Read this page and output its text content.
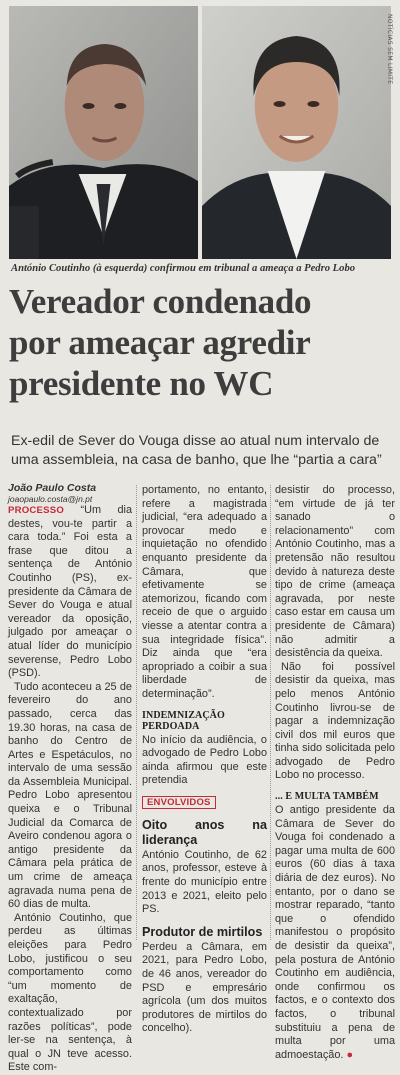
NOTÍCIAS SEM LIMITE
António Coutinho (à esquerda) confirmou em tribunal a ameaça a Pedro Lobo
Vereador condenado
por ameaçar agredir
presidente no WC
Ex-edil de Sever do Vouga disse ao atual num intervalo de uma assembleia, na casa de banho, que lhe “partia a cara”

João Paulo Costa

joaopaulo.costa@jn.pt

PROCESSO “Um dia destes, vou-te partir a cara toda.” Foi esta a frase que ditou a sentença de António Coutinho (PS), ex-presidente da Câmara de Sever do Vouga e atual vereador da oposição, julgado por ameaçar o atual líder do município severense, Pedro Lobo (PSD).

Tudo aconteceu a 25 de fevereiro do ano passado, cerca das 19.30 horas, na casa de banho do Centro de Artes e Espetáculos, no intervalo de uma sessão da Assembleia Municipal. Pedro Lobo apresentou queixa e o Tribunal Judicial da Comarca de Aveiro condenou agora o antigo presidente da Câmara pela prática de um crime de ameaça agravada numa pena de 60 dias de multa.

António Coutinho, que perdeu as últimas eleições para Pedro Lobo, justificou o seu comportamento como “um momento de exaltação, contextualizado por razões políticas”, pode ler-se na sentença, à qual o JN teve acesso. Este com-

portamento, no entanto, refere a magistrada judicial, “era adequado a provocar medo e inquietação no ofendido enquanto presidente da Câmara, que efetivamente se atemorizou, ficando com receio de que o arguido viesse a atentar contra a sua integridade física”. Diz ainda que “era apropriado a coibir a sua liberdade de determinação”.

INDEMNIZAÇÃO PERDOADA

No início da audiência, o advogado de Pedro Lobo ainda afirmou que este pretendia

ENVOLVIDOS
Oito anos na liderança

António Coutinho, de 62 anos, professor, esteve à frente do município entre 2013 e 2021, eleito pelo PS.

Produtor de mirtilos

Perdeu a Câmara, em 2021, para Pedro Lobo, de 46 anos, vereador do PSD e empresário agrícola (um dos muitos produtores de mirtilos do concelho).

desistir do processo, “em virtude de já ter sanado o relacionamento” com António Coutinho, mas a pretensão não resultou devido à natureza deste tipo de crime (ameaça agravada, por neste caso estar em causa um presidente de Câmara) não admitir a desistência da queixa.

Não foi possível desistir da queixa, mas pelo menos António Coutinho livrou-se de pagar a indemnização civil dos mil euros que tinha sido solicitada pelo advogado de Pedro Lobo no processo.

... E MULTA TAMBÉM

O antigo presidente da Câmara de Sever do Vouga foi condenado a pagar uma multa de 600 euros (60 dias à taxa diária de dez euros). No entanto, por o dano se mostrar reparado, “tanto que o ofendido manifestou o propósito de desistir da queixa”, pela postura de António Coutinho em audiência, onde confirmou os factos, e o contexto dos factos, o tribunal substituiu a pena de multa por uma admoestação. ●
